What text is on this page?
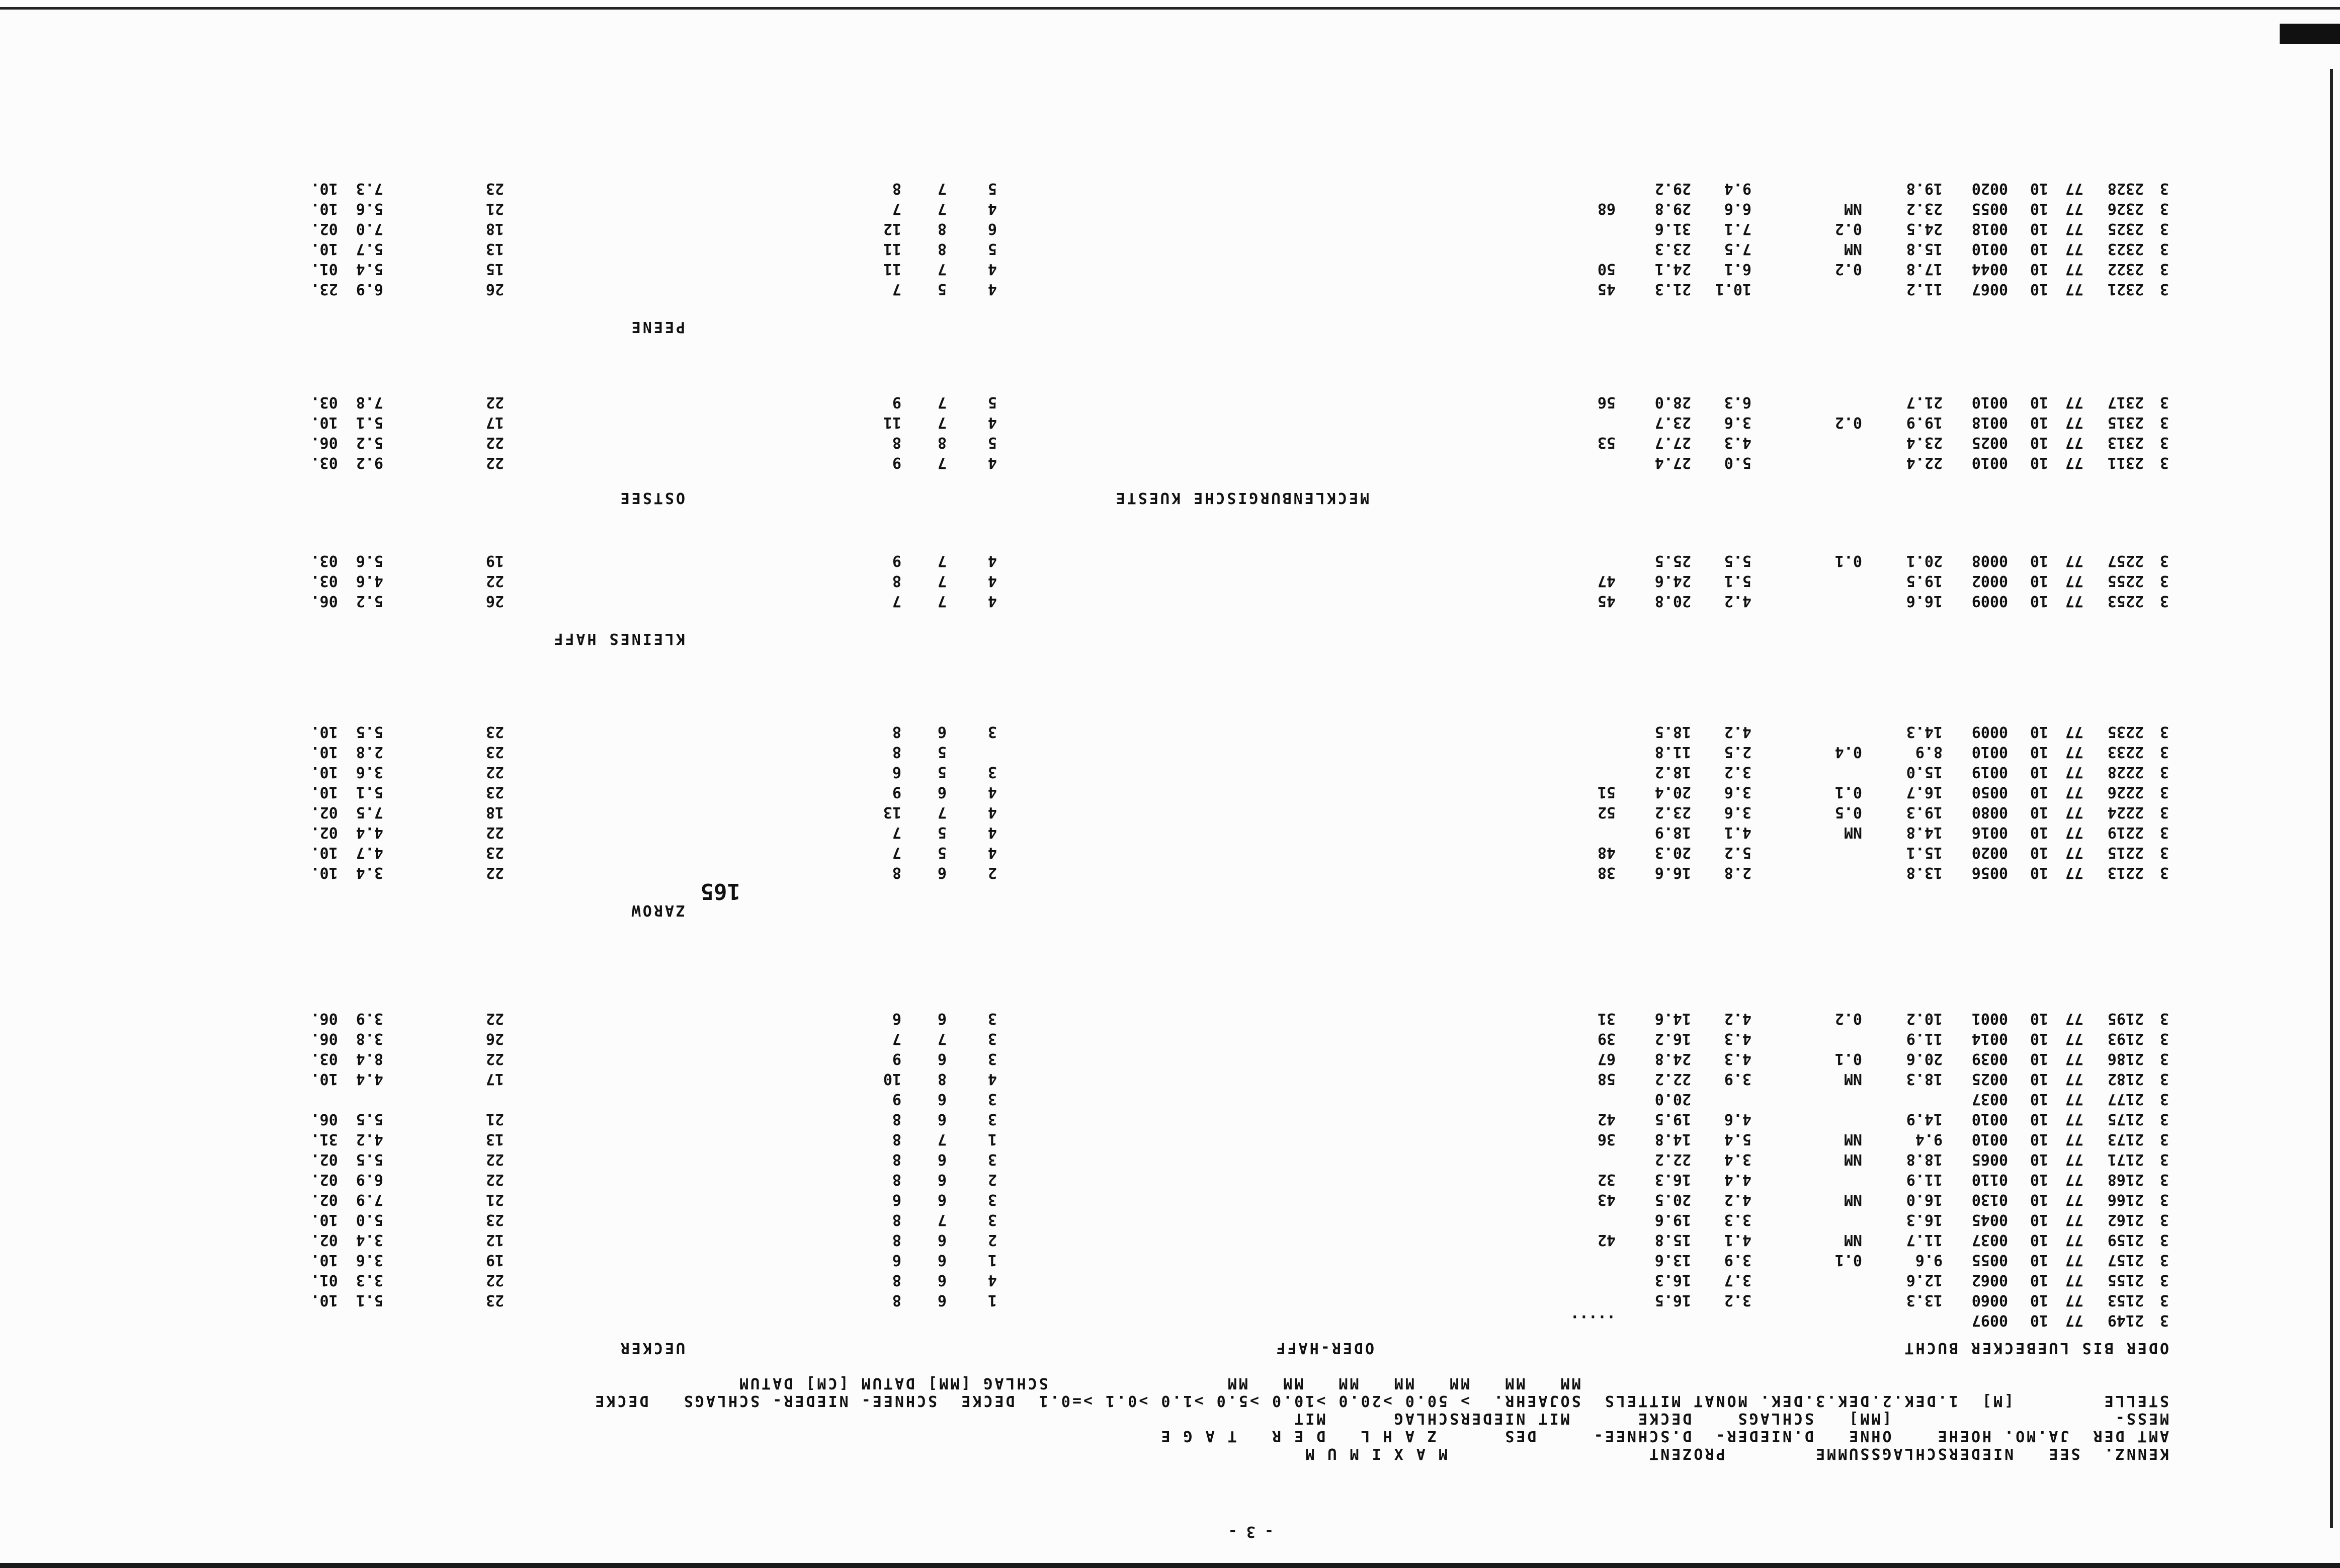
- 3 -
165
KENNZ.  SEE   NIEDERSCHLAGSSUMME        PROZENT                  M A X I M U M
AMT DER  JA.MO. HOEHE    OHNE   D.NIEDER-  D.SCHNEE-     DES      Z A H L   D E R   T A G E
MESS-                    [MM]   SCHLAGS    DECKE      MIT NIEDERSCHLAG      MIT
STELLE        [M]  1.DEK.2.DEK.3.DEK. MONAT MITTELS  SOJAEHR.  > 50.0 >20.0 >10.0 >5.0 >1.0 >0.1 >=0.1  DECKE  SCHNEE- NIEDER- SCHLAGS   DECKE
MM   MM   MM   MM   MM   MM   MM                SCHLAG [MM] DATUM [CM] DATUM
ODER BIS LUEBECKER BUCHT
ODER-HAFF
UECKER
ZAROW
KLEINES HAFF
MECKLENBURGISCHE KUESTE
OSTSEE
PEENE
3
2149
77
10
0097
.....
3
2153
77
10
0060
13.3
3.2
16.5
1
6
8
23
5.1  10.
3
2155
77
10
0062
12.6
3.7
16.3
4
6
8
22
3.3  01.
3
2157
77
10
0055
9.6
0.1
3.9
13.6
1
6
6
19
3.6  10.
3
2159
77
10
0037
11.7
NM
4.1
15.8
42
2
6
8
12
3.4  02.
3
2162
77
10
0045
16.3
3.3
19.6
3
7
8
23
5.0  10.
3
2166
77
10
0130
16.0
NM
4.2
20.5
43
3
6
6
21
7.9  02.
3
2168
77
10
0110
11.9
4.4
16.3
32
2
6
8
22
6.9  02.
3
2171
77
10
0065
18.8
NM
3.4
22.2
3
6
8
22
5.5  02.
3
2173
77
10
0010
9.4
NM
5.4
14.8
36
1
7
8
13
4.2  31.
3
2175
77
10
0010
14.9
4.6
19.5
42
3
6
8
21
5.5  06.
3
2177
77
10
0037
20.0
3
6
9
3
2182
77
10
0025
18.3
NM
3.9
22.2
58
4
8
10
17
4.4  10.
3
2186
77
10
0039
20.6
0.1
4.3
24.8
67
3
6
9
22
8.4  03.
3
2193
77
10
0014
11.9
4.3
16.2
39
3
7
7
26
3.8  06.
3
2195
77
10
0001
10.2
0.2
4.2
14.6
31
3
6
6
22
3.9  06.
3
2213
77
10
0056
13.8
2.8
16.6
38
2
6
8
22
3.4  10.
3
2215
77
10
0020
15.1
5.2
20.3
48
4
5
7
23
4.7  10.
3
2219
77
10
0016
14.8
NM
4.1
18.9
4
5
7
22
4.4  02.
3
2224
77
10
0080
19.3
0.5
3.6
23.2
52
4
7
13
18
7.5  02.
3
2226
77
10
0050
16.7
0.1
3.6
20.4
51
4
6
9
23
5.1  10.
3
2228
77
10
0019
15.0
3.2
18.2
3
5
6
22
3.6  10.
3
2233
77
10
0010
8.9
0.4
2.5
11.8
5
8
23
2.8  10.
3
2235
77
10
0009
14.3
4.2
18.5
3
6
8
23
5.5  10.
3
2253
77
10
0009
16.6
4.2
20.8
45
4
7
7
26
5.2  06.
3
2255
77
10
0002
19.5
5.1
24.6
47
4
7
8
22
4.6  03.
3
2257
77
10
0008
20.1
0.1
5.5
25.5
4
7
9
19
5.6  03.
3
2311
77
10
0010
22.4
5.0
27.4
4
7
9
22
9.2  03.
3
2313
77
10
0025
23.4
4.3
27.7
53
5
8
8
22
5.2  06.
3
2315
77
10
0018
19.9
0.2
3.6
23.7
4
7
11
17
5.1  10.
3
2317
77
10
0010
21.7
6.3
28.0
56
5
7
9
22
7.8  03.
3
2321
77
10
0067
11.2
10.1
21.3
45
4
5
7
26
6.9  23.
3
2322
77
10
0044
17.8
0.2
6.1
24.1
50
4
7
11
15
5.4  01.
3
2323
77
10
0010
15.8
NM
7.5
23.3
5
8
11
13
5.7  10.
3
2325
77
10
0018
24.5
0.2
7.1
31.6
6
8
12
18
7.0  02.
3
2326
77
10
0055
23.2
NM
6.6
29.8
68
4
7
7
21
5.6  10.
3
2328
77
10
0020
19.8
9.4
29.2
5
7
8
23
7.3  10.
